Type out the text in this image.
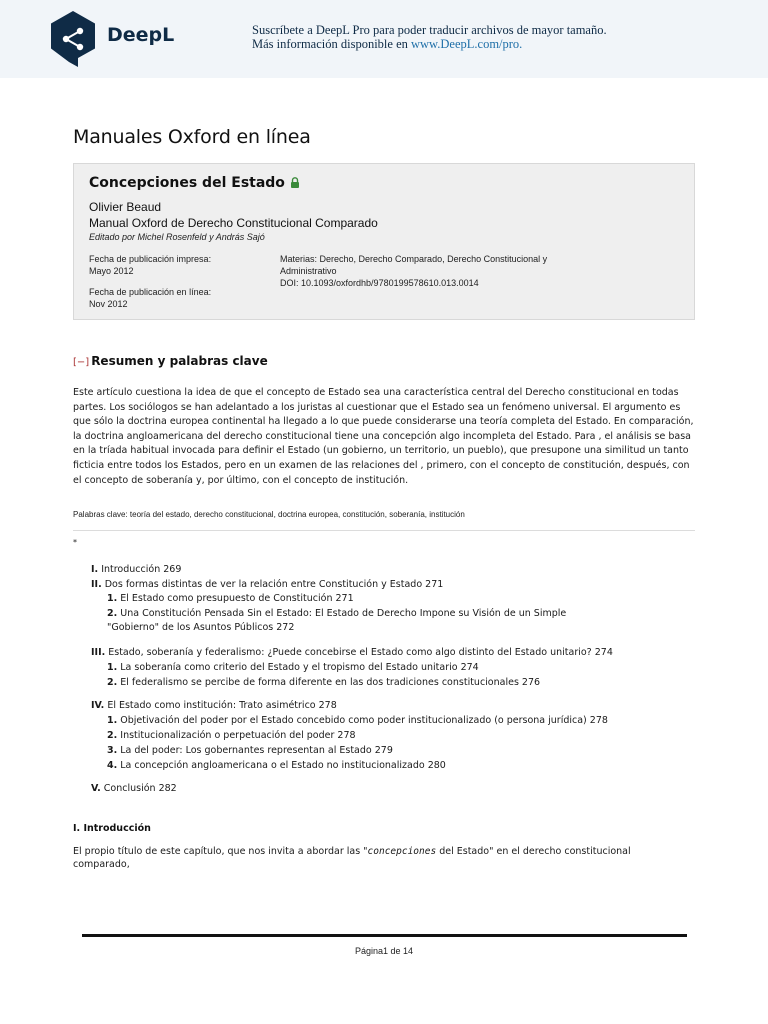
DeepL	Suscríbete a DeepL Pro para poder traducir archivos de mayor tamaño.
Más información disponible en www.DeepL.com/pro.
Manuales Oxford en línea
Concepciones del Estado
Olivier Beaud
Manual Oxford de Derecho Constitucional Comparado
Editado por Michel Rosenfeld y András Sajó
Fecha de publicación impresa:
Mayo 2012
Fecha de publicación en línea:
Nov 2012
Materias: Derecho, Derecho Comparado, Derecho Constitucional y
Administrativo
DOI: 10.1093/oxfordhb/9780199578610.013.0014
[−] Resumen y palabras clave
Este artículo cuestiona la idea de que el concepto de Estado sea una característica central del Derecho constitucional en todas partes. Los sociólogos se han adelantado a los juristas al cuestionar que el Estado sea un fenómeno universal. El argumento es que sólo la doctrina europea continental ha llegado a lo que puede considerarse una teoría completa del Estado. En comparación, la doctrina angloamericana del derecho constitucional tiene una concepción algo incompleta del Estado. Para , el análisis se basa en la tríada habitual invocada para definir el Estado (un gobierno, un territorio, un pueblo), que presupone una similitud un tanto ficticia entre todos los Estados, pero en un examen de las relaciones del , primero, con el concepto de constitución, después, con el concepto de soberanía y, por último, con el concepto de institución.
Palabras clave: teoría del estado, derecho constitucional, doctrina europea, constitución, soberanía, institución
*
I. Introducción 269
II. Dos formas distintas de ver la relación entre Constitución y Estado 271
1. El Estado como presupuesto de Constitución 271
2. Una Constitución Pensada Sin el Estado: El Estado de Derecho Impone su Visión de un Simple
"Gobierno" de los Asuntos Públicos 272
III. Estado, soberanía y federalismo: ¿Puede concebirse el Estado como algo distinto del Estado unitario? 274
1. La soberanía como criterio del Estado y el tropismo del Estado unitario 274
2. El federalismo se percibe de forma diferente en las dos tradiciones constitucionales 276
IV. El Estado como institución: Trato asimétrico 278
1. Objetivación del poder por el Estado concebido como poder institucionalizado (o persona jurídica) 278
2. Institucionalización o perpetuación del poder 278
3. La del poder: Los gobernantes representan al Estado 279
4. La concepción angloamericana o el Estado no institucionalizado 280
V. Conclusión 282
I. Introducción
El propio título de este capítulo, que nos invita a abordar las "concepciones del Estado" en el derecho constitucional comparado,
Página1 de 14
